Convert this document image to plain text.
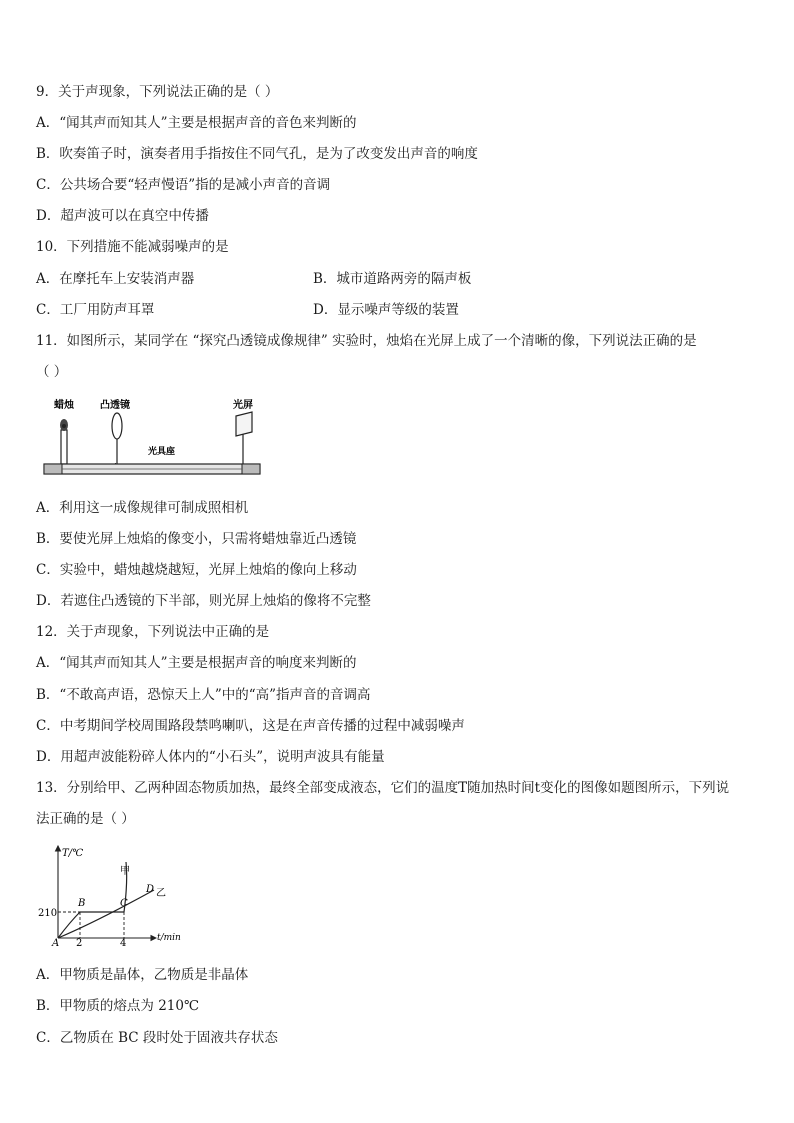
9．关于声现象，下列说法正确的是（ ）
A．“闻其声而知其人”主要是根据声音的音色来判断的
B．吹奏笛子时，演奏者用手指按住不同气孔，是为了改变发出声音的响度
C．公共场合要“轻声慢语”指的是减小声音的音调
D．超声波可以在真空中传播
10．下列措施不能减弱噪声的是
A．在摩托车上安装消声器	B．城市道路两旁的隔声板
C．工厂用防声耳罩	D．显示噪声等级的装置
11．如图所示，某同学在 “探究凸透镜成像规律” 实验时，烛焰在光屏上成了一个清晰的像，下列说法正确的是
（ ）
蜡烛	凸透镜	光屏
光具座
A．利用这一成像规律可制成照相机
B．要使光屏上烛焰的像变小，只需将蜡烛靠近凸透镜
C．实验中，蜡烛越烧越短，光屏上烛焰的像向上移动
D．若遮住凸透镜的下半部，则光屏上烛焰的像将不完整
12．关于声现象，下列说法中正确的是
A．“闻其声而知其人”主要是根据声音的响度来判断的
B．“不敢高声语，恐惊天上人”中的“高”指声音的音调高
C．中考期间学校周围路段禁鸣喇叭，这是在声音传播的过程中减弱噪声
D．用超声波能粉碎人体内的“小石头”，说明声波具有能量
13．分别给甲、乙两种固态物质加热，最终全部变成液态，它们的温度T随加热时间t变化的图像如题图所示，下列说
法正确的是（ ）
T/℃
t/min
210
2	4
A
B	C
D
甲
乙
A．甲物质是晶体，乙物质是非晶体
B．甲物质的熔点为 210℃
C．乙物质在 BC 段时处于固液共存状态
